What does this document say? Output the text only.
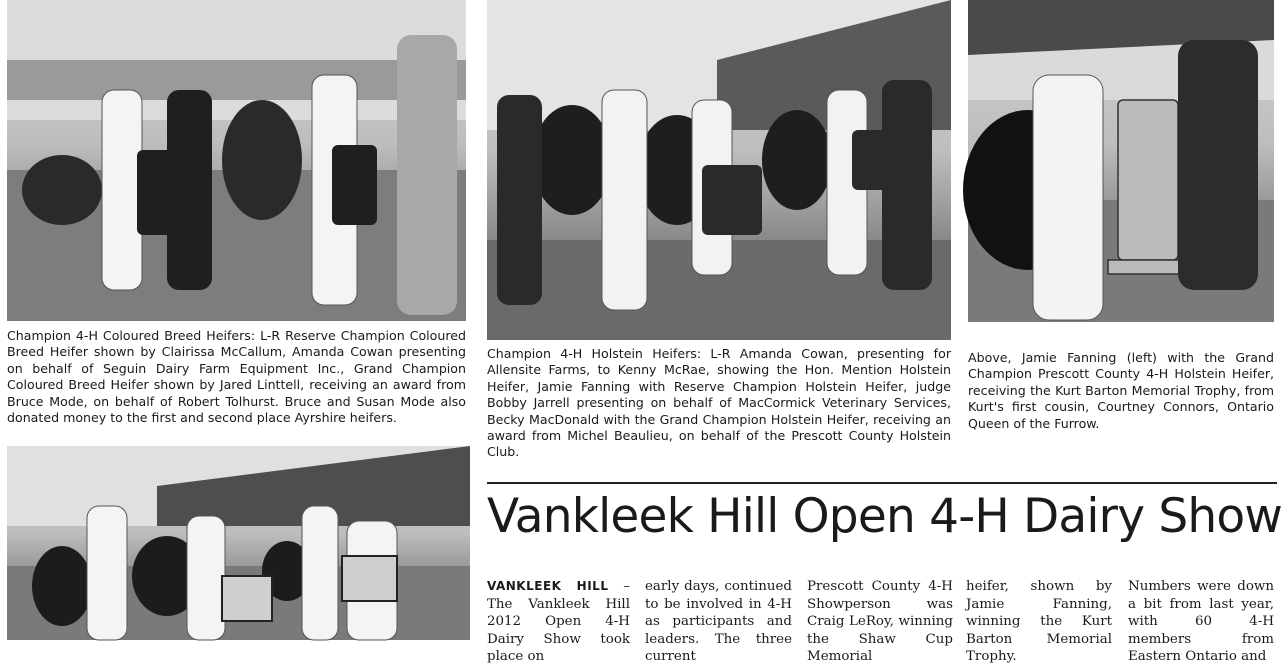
Champion 4-H Coloured Breed Heifers: L-R Reserve Champion Coloured Breed Heifer shown by Clairissa McCallum, Amanda Cowan presenting on behalf of Seguin Dairy Farm Equipment Inc., Grand Champion Coloured Breed Heifer shown by Jared Linttell, receiving an award from Bruce Mode, on behalf of Robert Tolhurst. Bruce and Susan Mode also donated money to the first and second place Ayrshire heifers.

Champion 4-H Holstein Heifers: L-R Amanda Cowan, presenting for Allensite Farms, to Kenny McRae, showing the Hon. Mention Holstein Heifer, Jamie Fanning with Reserve Champion Holstein Heifer, judge Bobby Jarrell presenting on behalf of MacCormick Veterinary Services, Becky MacDonald with the Grand Champion Holstein Heifer, receiving an award from Michel Beaulieu, on behalf of the Prescott County Holstein Club.

Above, Jamie Fanning (left) with the Grand Champion Prescott County 4-H Holstein Heifer, receiving the Kurt Barton Memorial Trophy, from Kurt's first cousin, Courtney Connors, Ontario Queen of the Furrow.

Vankleek Hill Open 4-H Dairy Show

VANKLEEK HILL – The Vankleek Hill 2012 Open 4-H Dairy Show took place on

early days, continued to be involved in 4-H as participants and leaders. The three current

Prescott County 4-H Showperson was Craig LeRoy, winning the Shaw Cup Memorial

heifer, shown by Jamie Fanning, winning the Kurt Barton Memorial Trophy.

Numbers were down a bit from last year, with 60 4-H members from Eastern Ontario and
